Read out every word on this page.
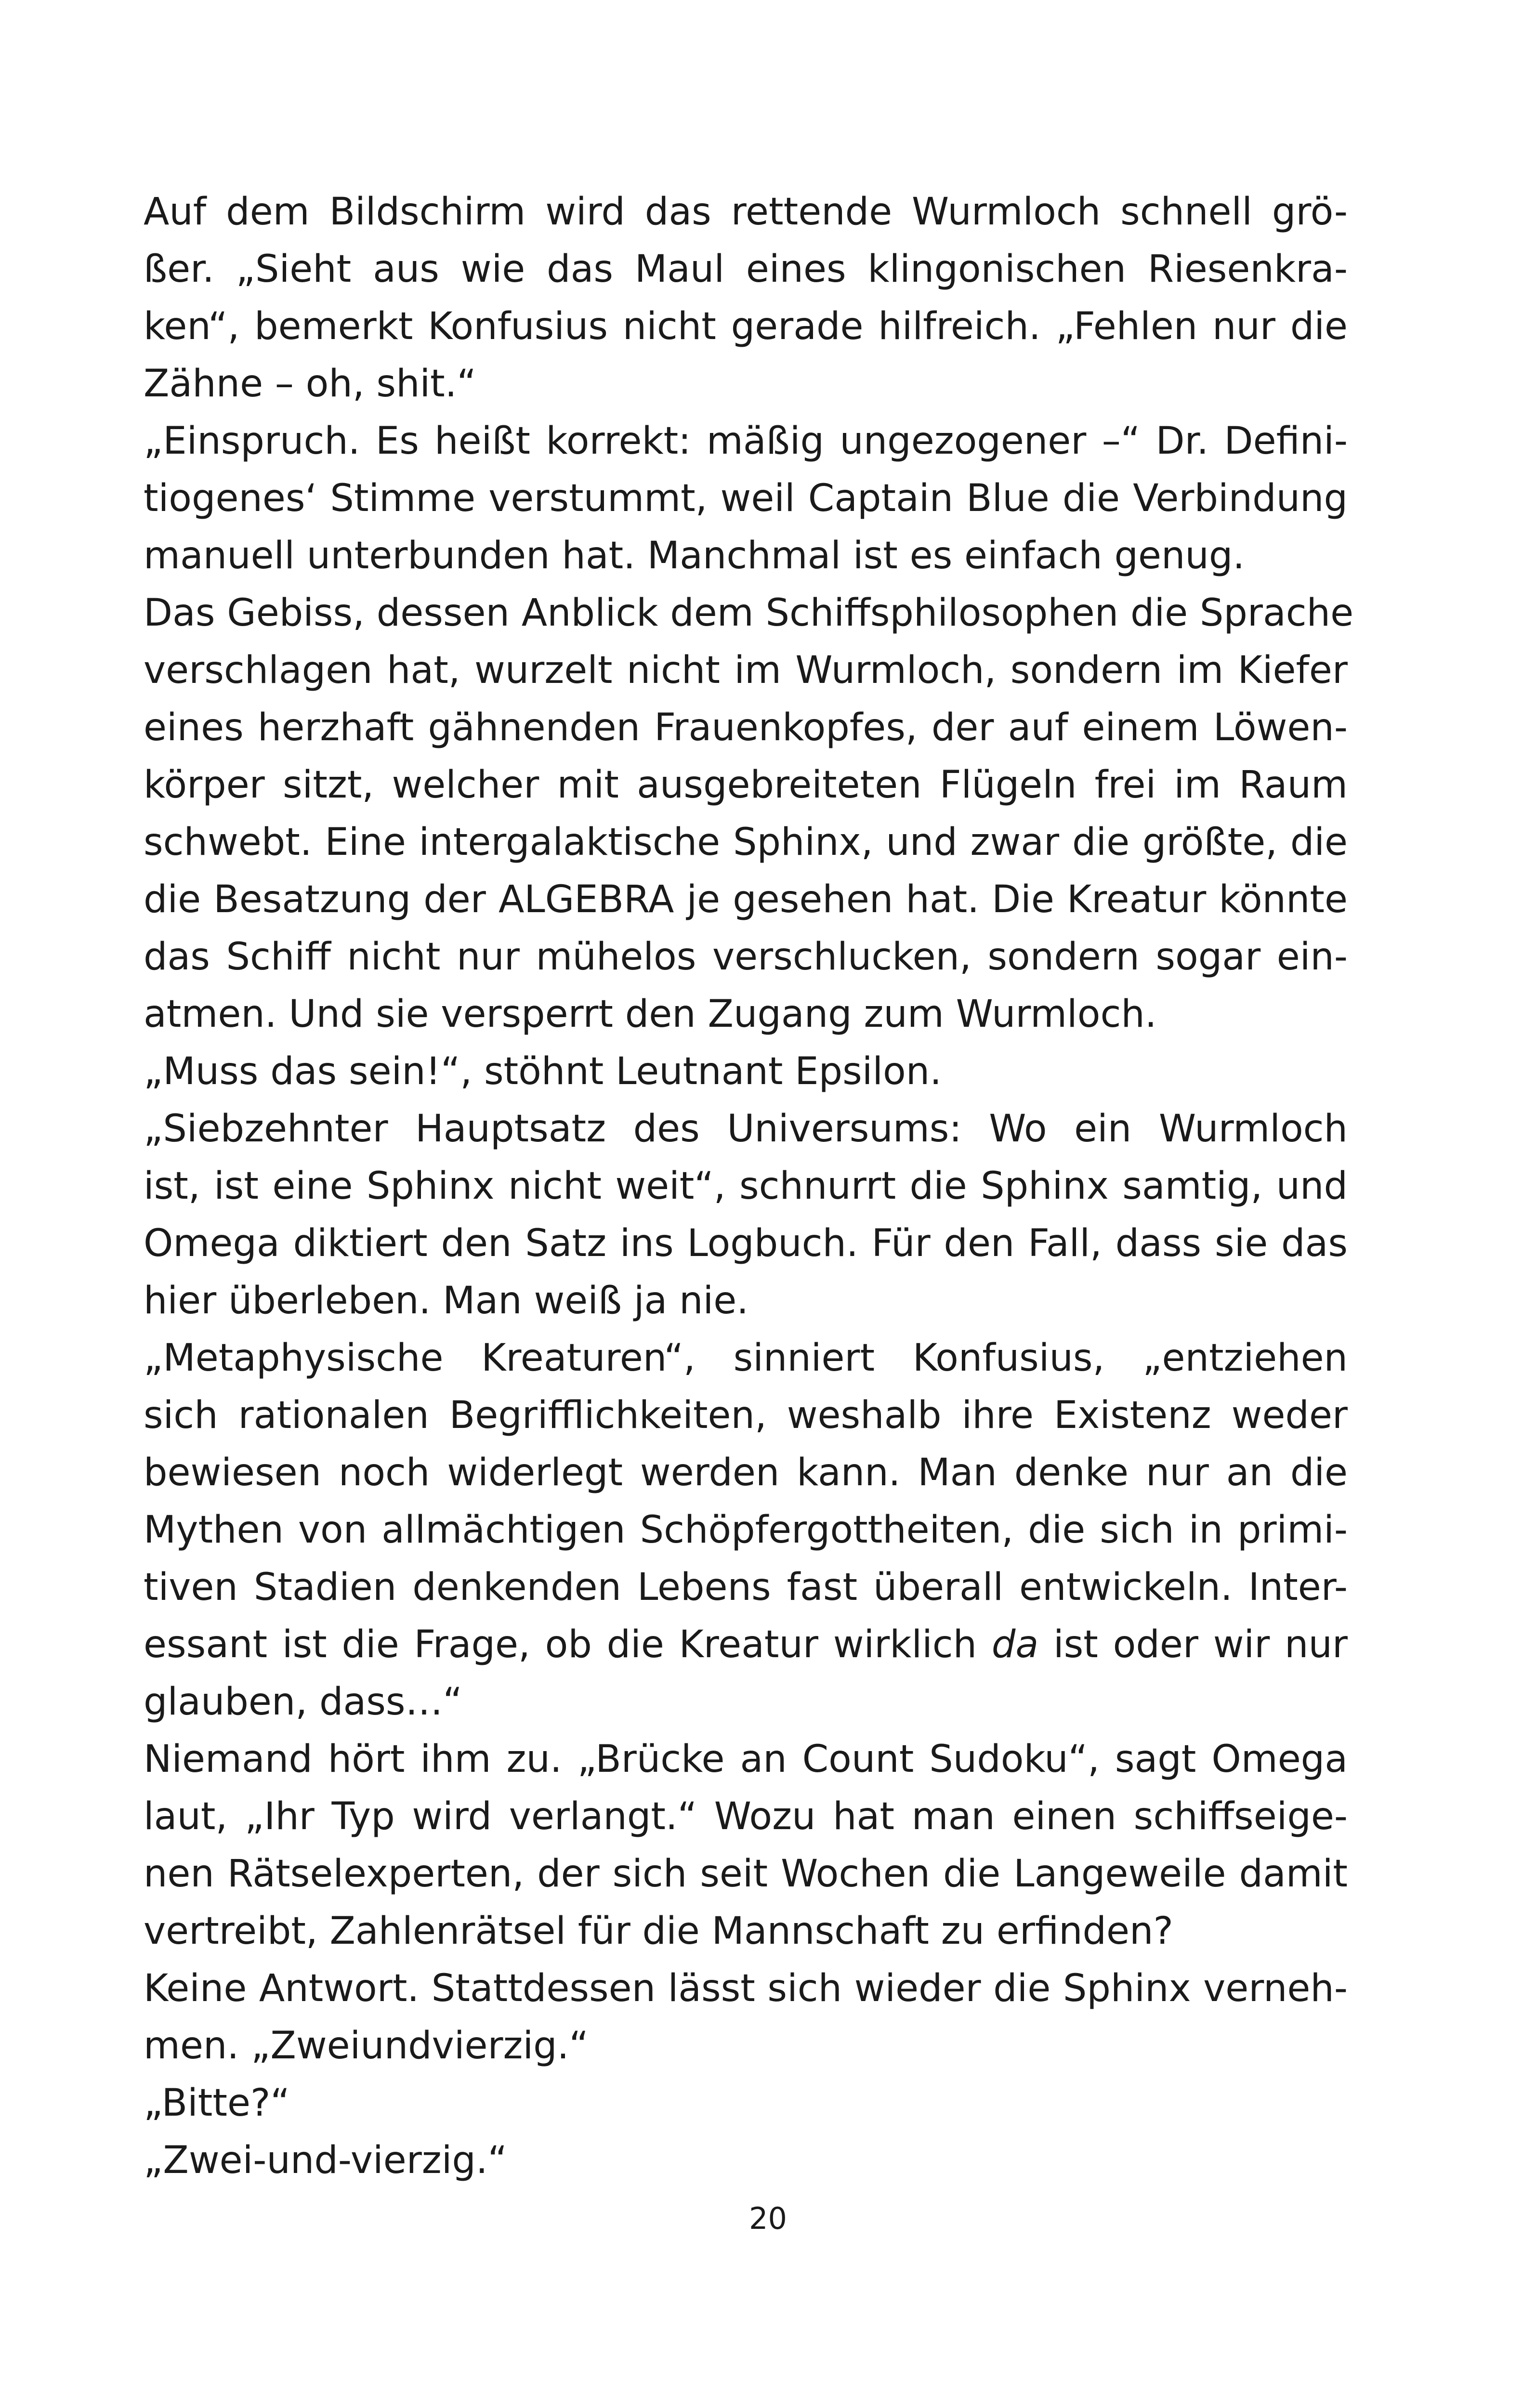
Auf dem Bildschirm wird das rettende Wurmloch schnell grö-
ßer. „Sieht aus wie das Maul eines klingonischen Riesenkra-
ken“, bemerkt Konfusius nicht gerade hilfreich. „Fehlen nur die
Zähne – oh, shit.“
„Einspruch. Es heißt korrekt: mäßig ungezogener –“ Dr. Defini-
tiogenes‘ Stimme verstummt, weil Captain Blue die Verbindung
manuell unterbunden hat. Manchmal ist es einfach genug.
Das Gebiss, dessen Anblick dem Schiffsphilosophen die Sprache
verschlagen hat, wurzelt nicht im Wurmloch, sondern im Kiefer
eines herzhaft gähnenden Frauenkopfes, der auf einem Löwen-
körper sitzt, welcher mit ausgebreiteten Flügeln frei im Raum
schwebt. Eine intergalaktische Sphinx, und zwar die größte, die
die Besatzung der ALGEBRA je gesehen hat. Die Kreatur könnte
das Schiff nicht nur mühelos verschlucken, sondern sogar ein-
atmen. Und sie versperrt den Zugang zum Wurmloch.
„Muss das sein!“, stöhnt Leutnant Epsilon.
„Siebzehnter Hauptsatz des Universums: Wo ein Wurmloch
ist, ist eine Sphinx nicht weit“, schnurrt die Sphinx samtig, und
Omega diktiert den Satz ins Logbuch. Für den Fall, dass sie das
hier überleben. Man weiß ja nie.
„Metaphysische Kreaturen“, sinniert Konfusius, „entziehen
sich rationalen Begrifflichkeiten, weshalb ihre Existenz weder
bewiesen noch widerlegt werden kann. Man denke nur an die
Mythen von allmächtigen Schöpfergottheiten, die sich in primi-
tiven Stadien denkenden Lebens fast überall entwickeln. Inter-
essant ist die Frage, ob die Kreatur wirklich da ist oder wir nur
glauben, dass…“
Niemand hört ihm zu. „Brücke an Count Sudoku“, sagt Omega
laut, „Ihr Typ wird verlangt.“ Wozu hat man einen schiffseige-
nen Rätselexperten, der sich seit Wochen die Langeweile damit
vertreibt, Zahlenrätsel für die Mannschaft zu erfinden?
Keine Antwort. Stattdessen lässt sich wieder die Sphinx verneh-
men. „Zweiundvierzig.“
„Bitte?“
„Zwei-und-vierzig.“
20
